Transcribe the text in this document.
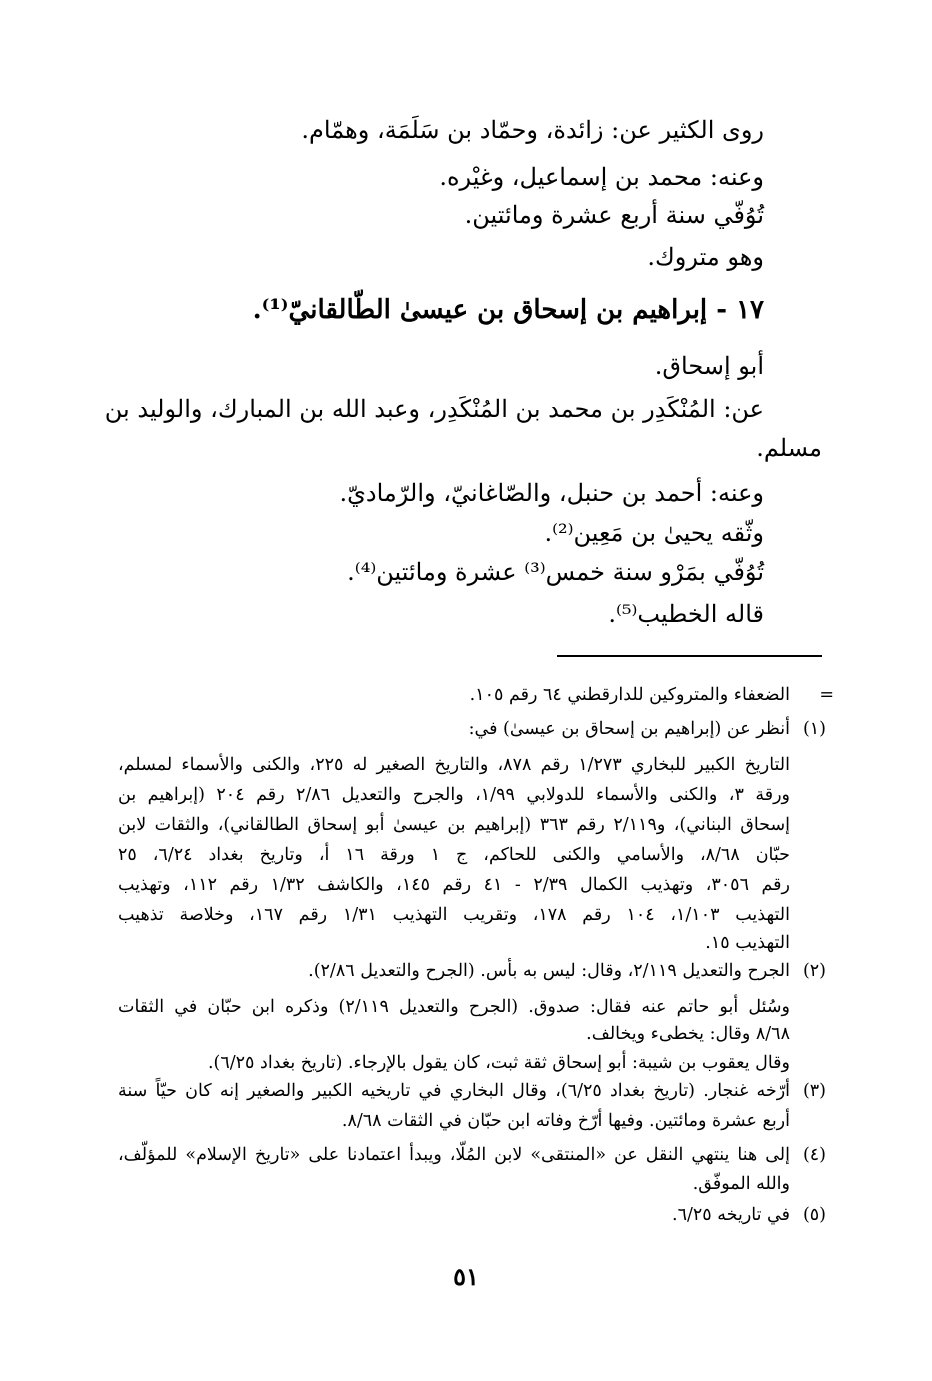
روى الكثير عن: زائدة، وحمّاد بن سَلَمَة، وهمّام.
وعنه: محمد بن إسماعيل، وغيْره.
تُوُفّي سنة أربع عشرة ومائتين.
وهو متروك.
١٧ - إبراهيم بن إسحاق بن عيسىٰ الطّالقانيّ⁽¹⁾.
أبو إسحاق.
عن: المُنْكَدِر بن محمد بن المُنْكَدِر، وعبد الله بن المبارك، والوليد بن
مسلم.
وعنه: أحمد بن حنبل، والصّاغانيّ، والرّماديّ.
وثّقه يحيىٰ بن مَعِين⁽²⁾.
تُوُفّي بمَرْو سنة خمس⁽³⁾ عشرة ومائتين⁽⁴⁾.
قاله الخطيب⁽⁵⁾.
=
الضعفاء والمتروكين للدارقطني ٦٤ رقم ١٠٥.
(١)
أنظر عن (إبراهيم بن إسحاق بن عيسىٰ) في:
التاريخ الكبير للبخاري ١/٢٧٣ رقم ٨٧٨، والتاريخ الصغير له ٢٢٥، والكنى والأسماء لمسلم،
ورقة ٣، والكنى والأسماء للدولابي ١/٩٩، والجرح والتعديل ٢/٨٦ رقم ٢٠٤ (إبراهيم بن
إسحاق البناني)، و٢/١١٩ رقم ٣٦٣ (إبراهيم بن عيسىٰ أبو إسحاق الطالقاني)، والثقات لابن
حبّان ٨/٦٨، والأسامي والكنى للحاكم، ج ١ ورقة ١٦ أ، وتاريخ بغداد ٦/٢٤، ٢٥
رقم ٣٠٥٦، وتهذيب الكمال ٢/٣٩ - ٤١ رقم ١٤٥، والكاشف ١/٣٢ رقم ١١٢، وتهذيب
التهذيب ١/١٠٣، ١٠٤ رقم ١٧٨، وتقريب التهذيب ١/٣١ رقم ١٦٧، وخلاصة تذهيب
التهذيب ١٥.
(٢)
الجرح والتعديل ٢/١١٩، وقال: ليس به بأس. (الجرح والتعديل ٢/٨٦).
وسُئل أبو حاتم عنه فقال: صدوق. (الجرح والتعديل ٢/١١٩) وذكره ابن حبّان في الثقات
٨/٦٨ وقال: يخطىء ويخالف.
وقال يعقوب بن شيبة: أبو إسحاق ثقة ثبت، كان يقول بالإرجاء. (تاريخ بغداد ٦/٢٥).
(٣)
أرّخه غنجار. (تاريخ بغداد ٦/٢٥)، وقال البخاري في تاريخيه الكبير والصغير إنه كان حيّاً سنة
أربع عشرة ومائتين. وفيها أرّخ وفاته ابن حبّان في الثقات ٨/٦٨.
(٤)
إلى هنا ينتهي النقل عن «المنتقى» لابن المُلّا، ويبدأ اعتمادنا على «تاريخ الإسلام» للمؤلّف،
والله الموفّق.
(٥)
في تاريخه ٦/٢٥.
٥١
